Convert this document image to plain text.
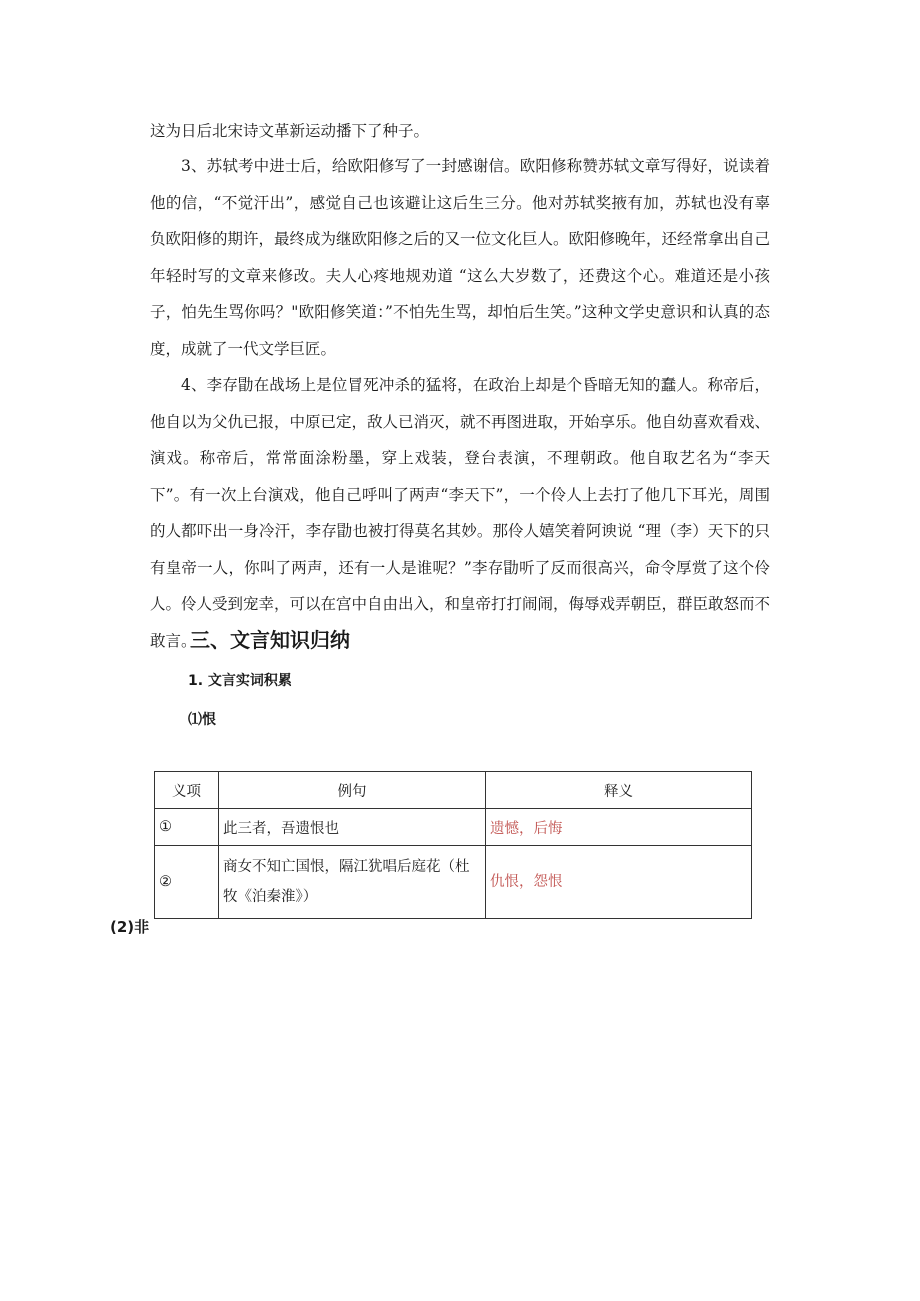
这为日后北宋诗文革新运动播下了种子。

3、苏轼考中进士后，给欧阳修写了一封感谢信。欧阳修称赞苏轼文章写得好，说读着他的信，“不觉汗出”，感觉自己也该避让这后生三分。他对苏轼奖掖有加，苏轼也没有辜负欧阳修的期许，最终成为继欧阳修之后的又一位文化巨人。欧阳修晚年，还经常拿出自己年轻时写的文章来修改。夫人心疼地规劝道 “这么大岁数了，还费这个心。难道还是小孩子，怕先生骂你吗？"欧阳修笑道：”不怕先生骂，却怕后生笑。”这种文学史意识和认真的态度，成就了一代文学巨匠。

4、李存勖在战场上是位冒死冲杀的猛将，在政治上却是个昏暗无知的蠢人。称帝后，他自以为父仇已报，中原已定，敌人已消灭，就不再图进取，开始享乐。他自幼喜欢看戏、演戏。称帝后，常常面涂粉墨，穿上戏装，登台表演，不理朝政。他自取艺名为“李天下”。有一次上台演戏，他自己呼叫了两声“李天下”，一个伶人上去打了他几下耳光，周围的人都吓出一身冷汗，李存勖也被打得莫名其妙。那伶人嬉笑着阿谀说 “理（李）天下的只有皇帝一人，你叫了两声，还有一人是谁呢？”李存勖听了反而很高兴，命令厚赏了这个伶人。伶人受到宠幸，可以在宫中自由出入，和皇帝打打闹闹，侮辱戏弄朝臣，群臣敢怒而不敢言。

三、文言知识归纳

1. 文言实词积累

⑴恨

义项	例句	释义
①	此三者，吾遗恨也	遗憾，后悔
②	商女不知亡国恨，隔江犹唱后庭花（杜牧《泊秦淮》）	仇恨，怨恨

(2)非
